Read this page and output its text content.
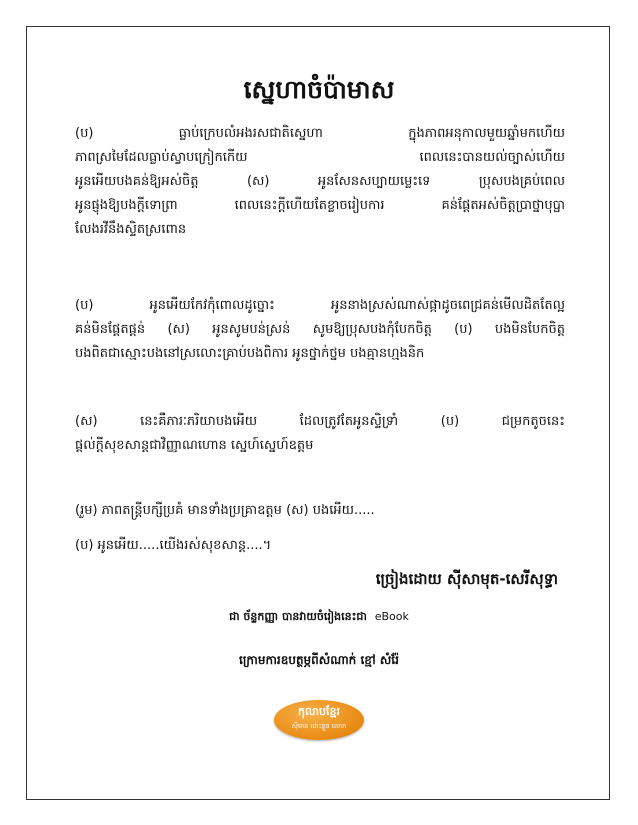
ស្នេហាចំប៉ាមាស
(ប) ធ្លាប់ក្រេបលំអងរសជាតិស្នេហា ក្នុងភាពអនុកាលមួយឆ្នាំមកហើយ
ភាពស្រមៃដែលធ្លាប់ស្វាបក្រៀកកើយ ពេលនេះបានយល់ច្បាស់ហើយ
អូនអើយបងគន់ឱ្យអស់ចិត្ត (ស) អូនសែនសប្បាយម្លេះទេ ប្រុសបងគ្រប់ពេល
អូនផ្ញុងឱ្យបងក្តីទោព្រា ពេលនេះក្តីហើយតែខ្លាចរៀបការ គន់ផ្តែតអស់ចិត្តប្រាថ្នាបុប្ផា
លែងរវីនឹងស្ទិតស្រពោន
(ប) អូនអើយកែវកុំពោលដូច្នោះ អូននាងស្រស់ណាស់ផ្កាដូចពេជ្រគន់មើលដិតតែល្អ
គន់មិនផ្តែតផ្តន់ (ស) អូនសូមបន់ស្រន់ សូមឱ្យប្រុសបងកុំបែកចិត្ត (ប) បងមិនបែកចិត្ត
បងពិតជាស្មោះបងនៅស្រលោះគ្រាប់បងពិការ អូនថ្នាក់ថ្នម បងគ្មានហ្មងនិក
(ស) នេះគឺភារៈភរិយាបងអើយ ដែលត្រូវតែអូនស្ទិទ្រាំ (ប) ជម្រកតូចនេះ
ផ្តល់ក្តីសុខសាន្តជាវិញ្ញាណហោន ស្នេហ៍ស្នេហ៍ឧត្តម
(រួម) ភាពតន្ត្រីបក្សីប្រគំ មានទាំងប្រគ្រាឧត្តម (ស) បងអើយ.....
(ប) អូនអើយ.....យើងរស់សុខសាន្ត....។
ច្រៀងដោយ ស៊ីសាមុត-សេរីសុទ្ធា
ជា ច័ន្ទកញ្ញា បានវាយចំរៀងនេះជា eBook
ក្រោមការឧបត្ថម្ភពីសំណាក់ ខ្មៅ សំរ៉ែ
កុលាបខ្មែរ
ស៊ីមាន ដោះខ្លួន លោក
